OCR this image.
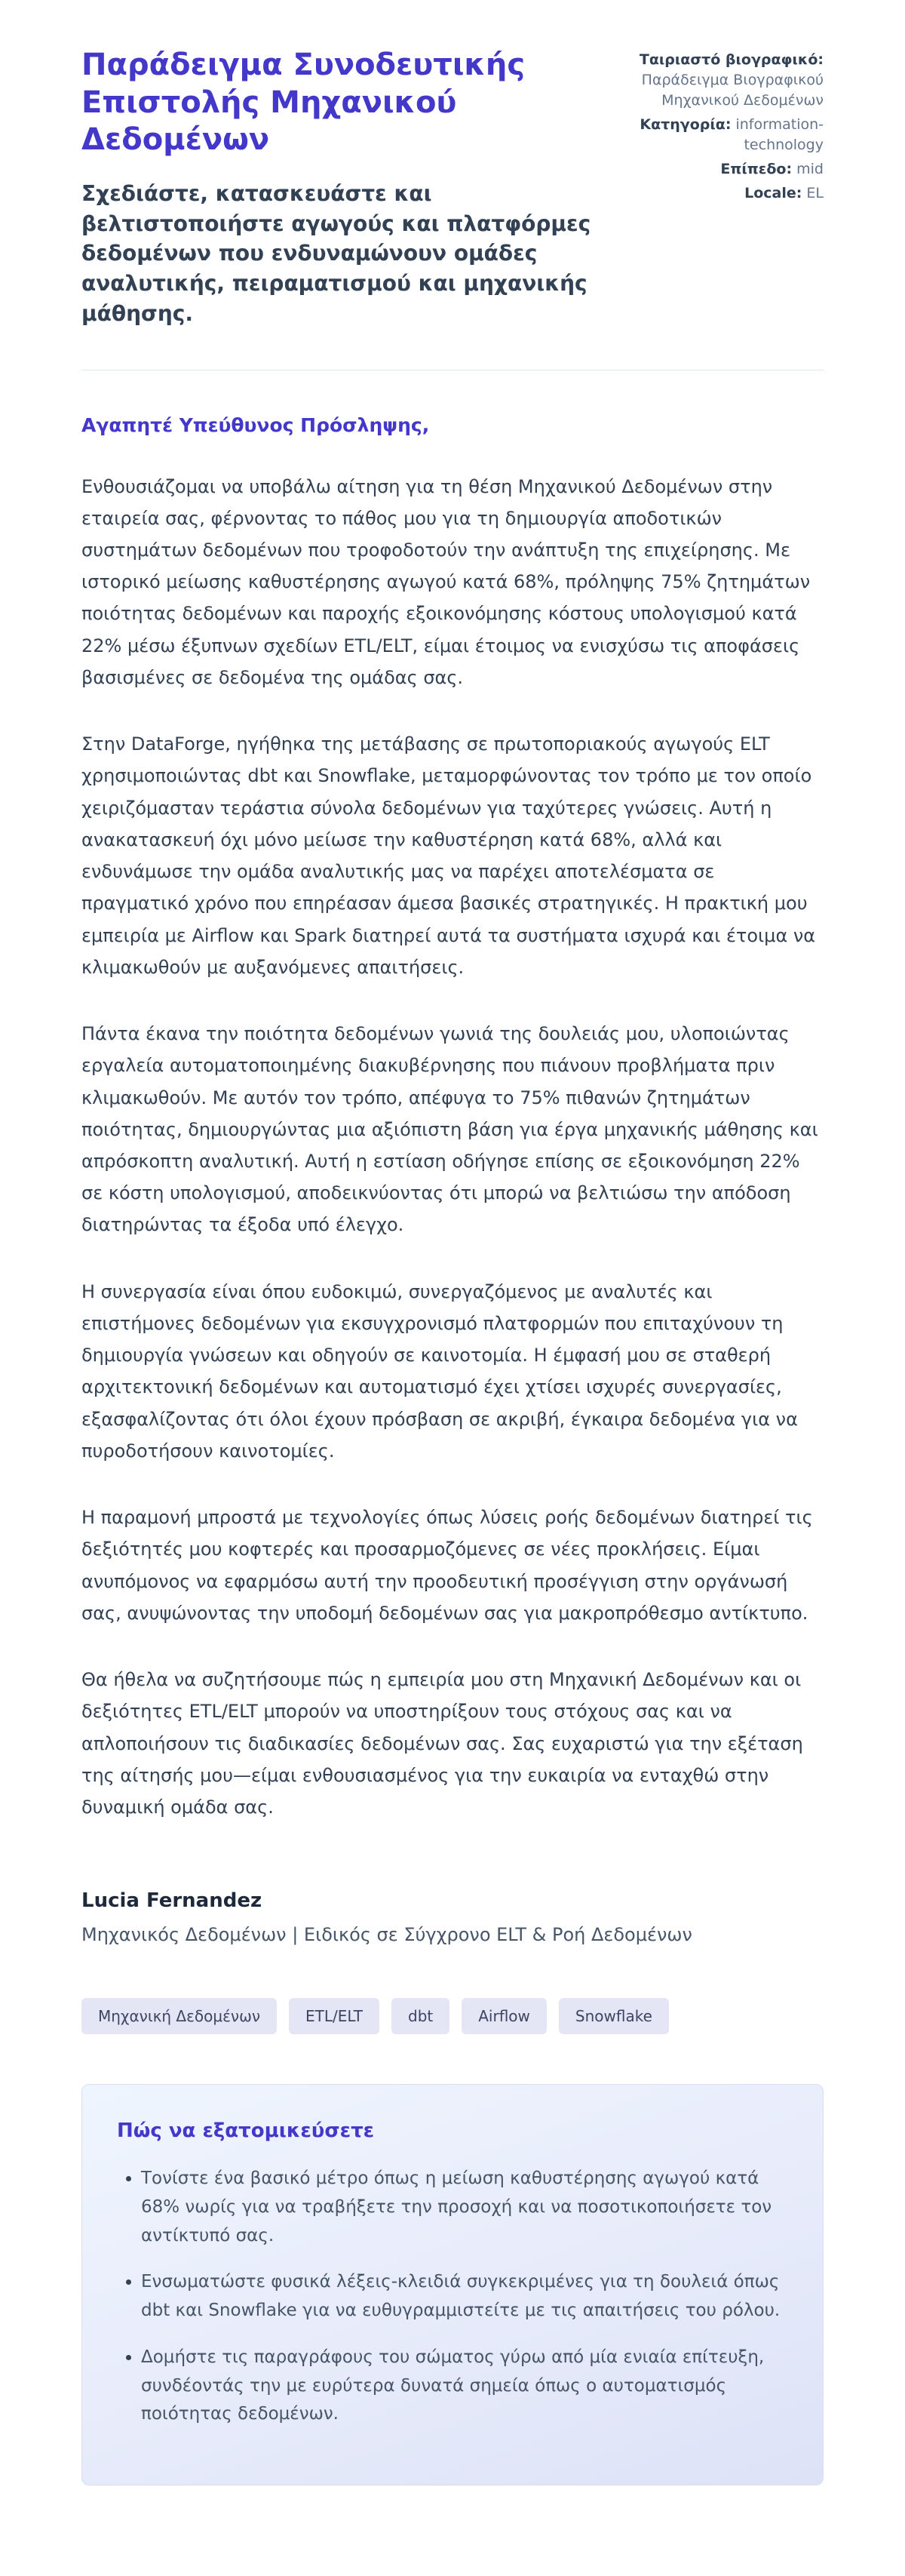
Παράδειγμα Συνοδευτικής Επιστολής Μηχανικού Δεδομένων

Σχεδιάστε, κατασκευάστε και βελτιστοποιήστε αγωγούς και πλατφόρμες δεδομένων που ενδυναμώνουν ομάδες αναλυτικής, πειραματισμού και μηχανικής μάθησης.

Ταιριαστό βιογραφικό: Παράδειγμα Βιογραφικού Μηχανικού Δεδομένων
Κατηγορία: information-technology
Επίπεδο: mid
Locale: EL

Αγαπητέ Υπεύθυνος Πρόσληψης,

Ενθουσιάζομαι να υποβάλω αίτηση για τη θέση Μηχανικού Δεδομένων στην εταιρεία σας, φέρνοντας το πάθος μου για τη δημιουργία αποδοτικών συστημάτων δεδομένων που τροφοδοτούν την ανάπτυξη της επιχείρησης. Με ιστορικό μείωσης καθυστέρησης αγωγού κατά 68%, πρόληψης 75% ζητημάτων ποιότητας δεδομένων και παροχής εξοικονόμησης κόστους υπολογισμού κατά 22% μέσω έξυπνων σχεδίων ETL/ELT, είμαι έτοιμος να ενισχύσω τις αποφάσεις βασισμένες σε δεδομένα της ομάδας σας.

Στην DataForge, ηγήθηκα της μετάβασης σε πρωτοποριακούς αγωγούς ELT χρησιμοποιώντας dbt και Snowflake, μεταμορφώνοντας τον τρόπο με τον οποίο χειριζόμασταν τεράστια σύνολα δεδομένων για ταχύτερες γνώσεις. Αυτή η ανακατασκευή όχι μόνο μείωσε την καθυστέρηση κατά 68%, αλλά και ενδυνάμωσε την ομάδα αναλυτικής μας να παρέχει αποτελέσματα σε πραγματικό χρόνο που επηρέασαν άμεσα βασικές στρατηγικές. Η πρακτική μου εμπειρία με Airflow και Spark διατηρεί αυτά τα συστήματα ισχυρά και έτοιμα να κλιμακωθούν με αυξανόμενες απαιτήσεις.

Πάντα έκανα την ποιότητα δεδομένων γωνιά της δουλειάς μου, υλοποιώντας εργαλεία αυτοματοποιημένης διακυβέρνησης που πιάνουν προβλήματα πριν κλιμακωθούν. Με αυτόν τον τρόπο, απέφυγα το 75% πιθανών ζητημάτων ποιότητας, δημιουργώντας μια αξιόπιστη βάση για έργα μηχανικής μάθησης και απρόσκοπτη αναλυτική. Αυτή η εστίαση οδήγησε επίσης σε εξοικονόμηση 22% σε κόστη υπολογισμού, αποδεικνύοντας ότι μπορώ να βελτιώσω την απόδοση διατηρώντας τα έξοδα υπό έλεγχο.

Η συνεργασία είναι όπου ευδοκιμώ, συνεργαζόμενος με αναλυτές και επιστήμονες δεδομένων για εκσυγχρονισμό πλατφορμών που επιταχύνουν τη δημιουργία γνώσεων και οδηγούν σε καινοτομία. Η έμφασή μου σε σταθερή αρχιτεκτονική δεδομένων και αυτοματισμό έχει χτίσει ισχυρές συνεργασίες, εξασφαλίζοντας ότι όλοι έχουν πρόσβαση σε ακριβή, έγκαιρα δεδομένα για να πυροδοτήσουν καινοτομίες.

Η παραμονή μπροστά με τεχνολογίες όπως λύσεις ροής δεδομένων διατηρεί τις δεξιότητές μου κοφτερές και προσαρμοζόμενες σε νέες προκλήσεις. Είμαι ανυπόμονος να εφαρμόσω αυτή την προοδευτική προσέγγιση στην οργάνωσή σας, ανυψώνοντας την υποδομή δεδομένων σας για μακροπρόθεσμο αντίκτυπο.

Θα ήθελα να συζητήσουμε πώς η εμπειρία μου στη Μηχανική Δεδομένων και οι δεξιότητες ETL/ELT μπορούν να υποστηρίξουν τους στόχους σας και να απλοποιήσουν τις διαδικασίες δεδομένων σας. Σας ευχαριστώ για την εξέταση της αίτησής μου—είμαι ενθουσιασμένος για την ευκαιρία να ενταχθώ στην δυναμική ομάδα σας.

Lucia Fernandez

Μηχανικός Δεδομένων | Ειδικός σε Σύγχρονο ELT & Ροή Δεδομένων

Μηχανική Δεδομένων	ETL/ELT	dbt	Airflow	Snowflake
Πώς να εξατομικεύσετε
• Τονίστε ένα βασικό μέτρο όπως η μείωση καθυστέρησης αγωγού κατά 68% νωρίς για να τραβήξετε την προσοχή και να ποσοτικοποιήσετε τον αντίκτυπό σας.
• Ενσωματώστε φυσικά λέξεις-κλειδιά συγκεκριμένες για τη δουλειά όπως dbt και Snowflake για να ευθυγραμμιστείτε με τις απαιτήσεις του ρόλου.
• Δομήστε τις παραγράφους του σώματος γύρω από μία ενιαία επίτευξη, συνδέοντάς την με ευρύτερα δυνατά σημεία όπως ο αυτοματισμός ποιότητας δεδομένων.
